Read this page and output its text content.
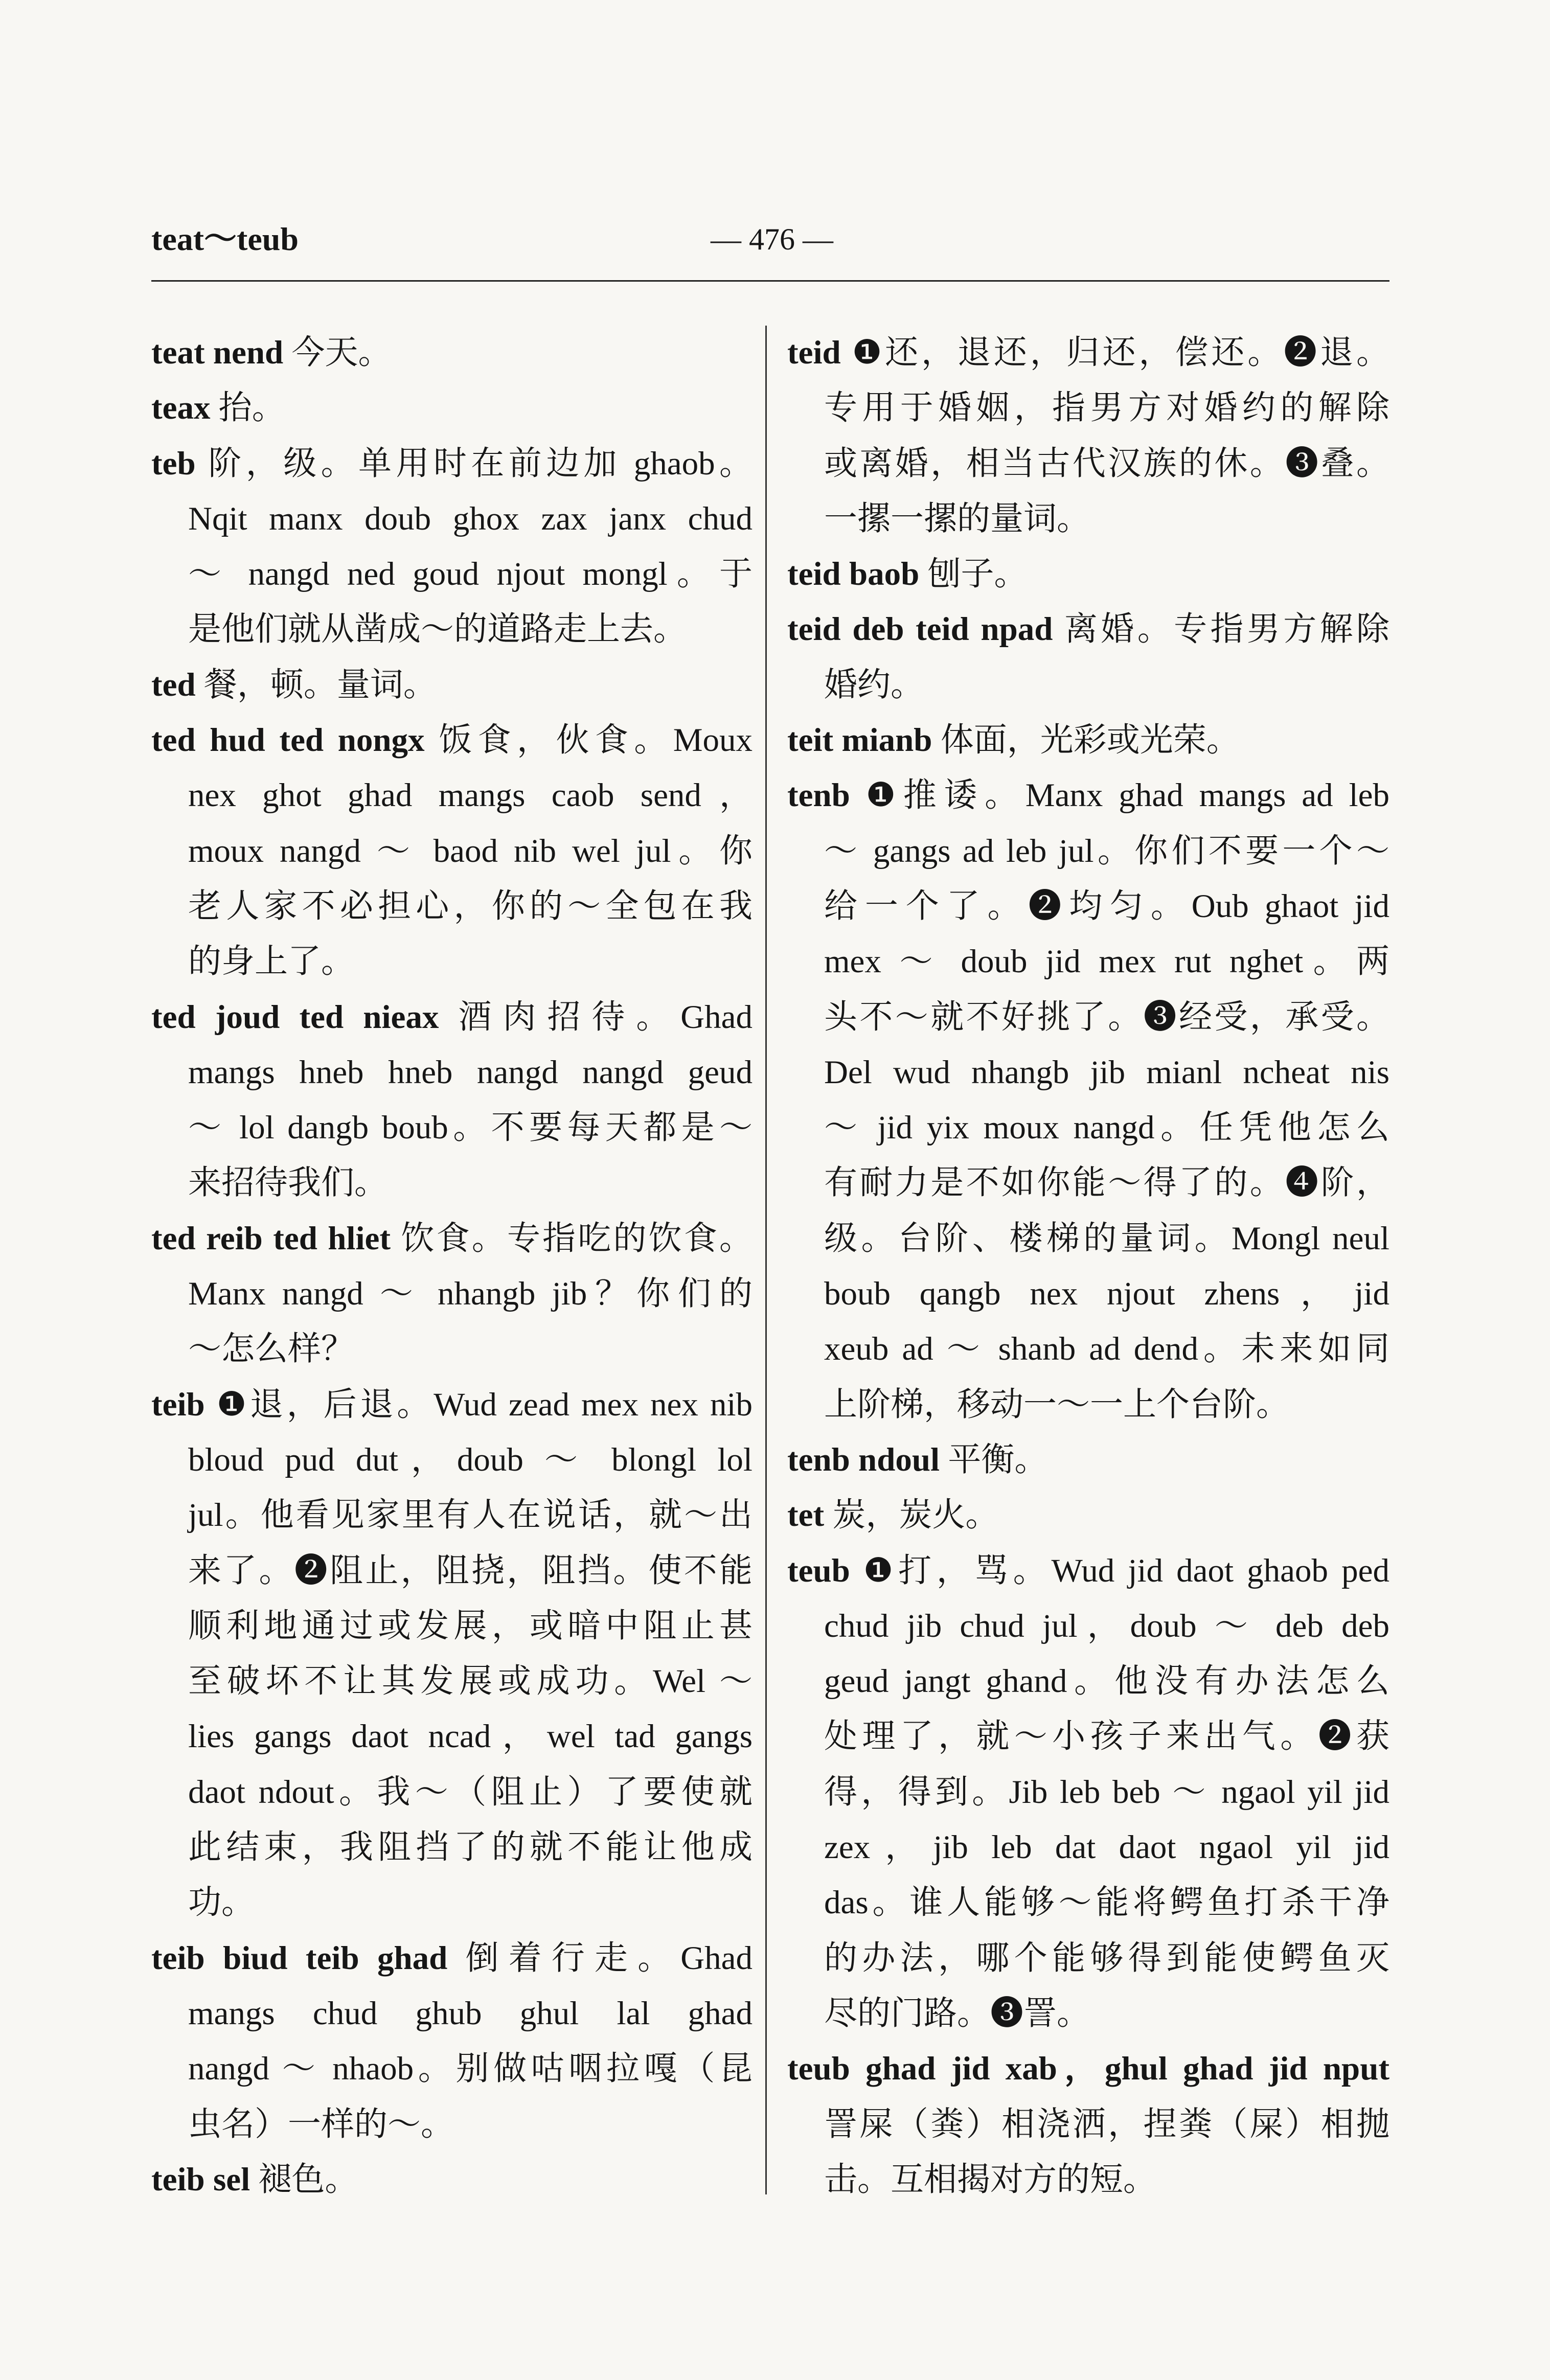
teat～teub	— 476 —
teat nend 今天。
teax 抬。
teb 阶，级。单用时在前边加 ghaob。
Nqit manx doub ghox zax janx chud
～ nangd ned goud njout mongl。于
是他们就从凿成～的道路走上去。
ted 餐，顿。量词。
ted hud ted nongx 饭食，伙食。Moux
nex ghot ghad mangs caob send，
moux nangd ～ baod nib wel jul。你
老人家不必担心，你的～全包在我
的身上了。
ted joud ted nieax 酒肉招待。Ghad
mangs hneb hneb nangd nangd geud
～ lol dangb boub。不要每天都是～
来招待我们。
ted reib ted hliet 饮食。专指吃的饮食。
Manx nangd ～ nhangb jib？你们的
～怎么样？
teib ❶退，后退。Wud zead mex nex nib
bloud pud dut，doub ～ blongl lol
jul。他看见家里有人在说话，就～出
来了。❷阻止，阻挠，阻挡。使不能
顺利地通过或发展，或暗中阻止甚
至破坏不让其发展或成功。Wel ～
lies gangs daot ncad，wel tad gangs
daot ndout。我～（阻止）了要使就
此结束，我阻挡了的就不能让他成
功。
teib biud teib ghad 倒着行走。Ghad
mangs chud ghub ghul lal ghad
nangd ～ nhaob。别做咕咽拉嘎（昆
虫名）一样的～。
teib sel 褪色。
teid ❶还，退还，归还，偿还。❷退。
专用于婚姻，指男方对婚约的解除
或离婚，相当古代汉族的休。❸叠。
一摞一摞的量词。
teid baob 刨子。
teid deb teid npad 离婚。专指男方解除
婚约。
teit mianb 体面，光彩或光荣。
tenb ❶推诿。Manx ghad mangs ad leb
～ gangs ad leb jul。你们不要一个～
给一个了。❷均匀。Oub ghaot jid
mex ～ doub jid mex rut nghet。两
头不～就不好挑了。❸经受，承受。
Del wud nhangb jib mianl ncheat nis
～ jid yix moux nangd。任凭他怎么
有耐力是不如你能～得了的。❹阶，
级。台阶、楼梯的量词。Mongl neul
boub qangb nex njout zhens，jid
xeub ad ～ shanb ad dend。未来如同
上阶梯，移动一～一上个台阶。
tenb ndoul 平衡。
tet 炭，炭火。
teub ❶打，骂。Wud jid daot ghaob ped
chud jib chud jul，doub ～ deb deb
geud jangt ghand。他没有办法怎么
处理了，就～小孩子来出气。❷获
得，得到。Jib leb beb ～ ngaol yil jid
zex，jib leb dat daot ngaol yil jid
das。谁人能够～能将鳄鱼打杀干净
的办法，哪个能够得到能使鳄鱼灭
尽的门路。❸詈。
teub ghad jid xab，ghul ghad jid nput
詈屎（粪）相浇洒，捏粪（屎）相抛
击。互相揭对方的短。
